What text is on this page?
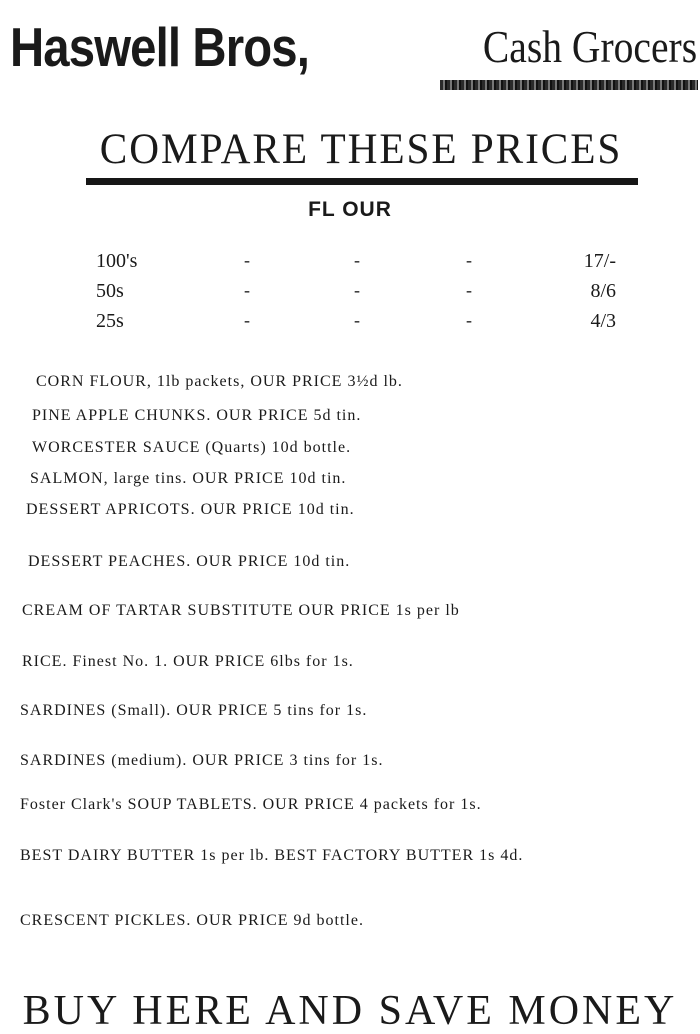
Haswell Bros,	Cash Grocers
COMPARE THESE PRICES
FL OUR
100's	-	-	-	17/-
50s	-	-	-	8/6
25s	-	-	-	4/3
CORN FLOUR, 1lb packets, OUR PRICE 3½d lb.
PINE APPLE CHUNKS. OUR PRICE 5d tin.
WORCESTER SAUCE (Quarts) 10d bottle.
SALMON, large tins. OUR PRICE 10d tin.
DESSERT APRICOTS. OUR PRICE 10d tin.
DESSERT PEACHES. OUR PRICE 10d tin.
CREAM OF TARTAR SUBSTITUTE OUR PRICE 1s per lb
RICE. Finest No. 1. OUR PRICE 6lbs for 1s.
SARDINES (Small). OUR PRICE 5 tins for 1s.
SARDINES (medium). OUR PRICE 3 tins for 1s.
Foster Clark's SOUP TABLETS. OUR PRICE 4 packets for 1s.
BEST DAIRY BUTTER 1s per lb. BEST FACTORY BUTTER 1s 4d.
CRESCENT PICKLES. OUR PRICE 9d bottle.
BUY HERE AND SAVE MONEY
